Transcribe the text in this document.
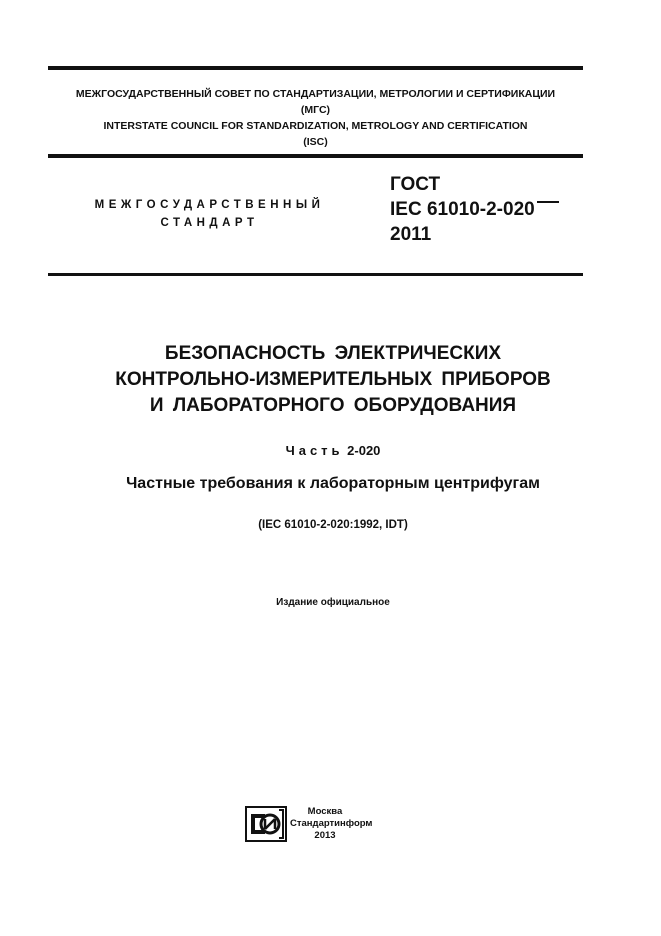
МЕЖГОСУДАРСТВЕННЫЙ СОВЕТ ПО СТАНДАРТИЗАЦИИ, МЕТРОЛОГИИ И СЕРТИФИКАЦИИ
(МГС)
INTERSTATE COUNCIL FOR STANDARDIZATION, METROLOGY AND CERTIFICATION
(ISC)
МЕЖГОСУДАРСТВЕННЫЙ
СТАНДАРТ
ГОСТ
IEC 61010-2-020
2011
БЕЗОПАСНОСТЬ ЭЛЕКТРИЧЕСКИХ
КОНТРОЛЬНО-ИЗМЕРИТЕЛЬНЫХ ПРИБОРОВ
И ЛАБОРАТОРНОГО ОБОРУДОВАНИЯ
Часть 2-020
Частные требования к лабораторным центрифугам
(IEC 61010-2-020:1992, IDT)
Издание официальное
Москва
Стандартинформ
2013
